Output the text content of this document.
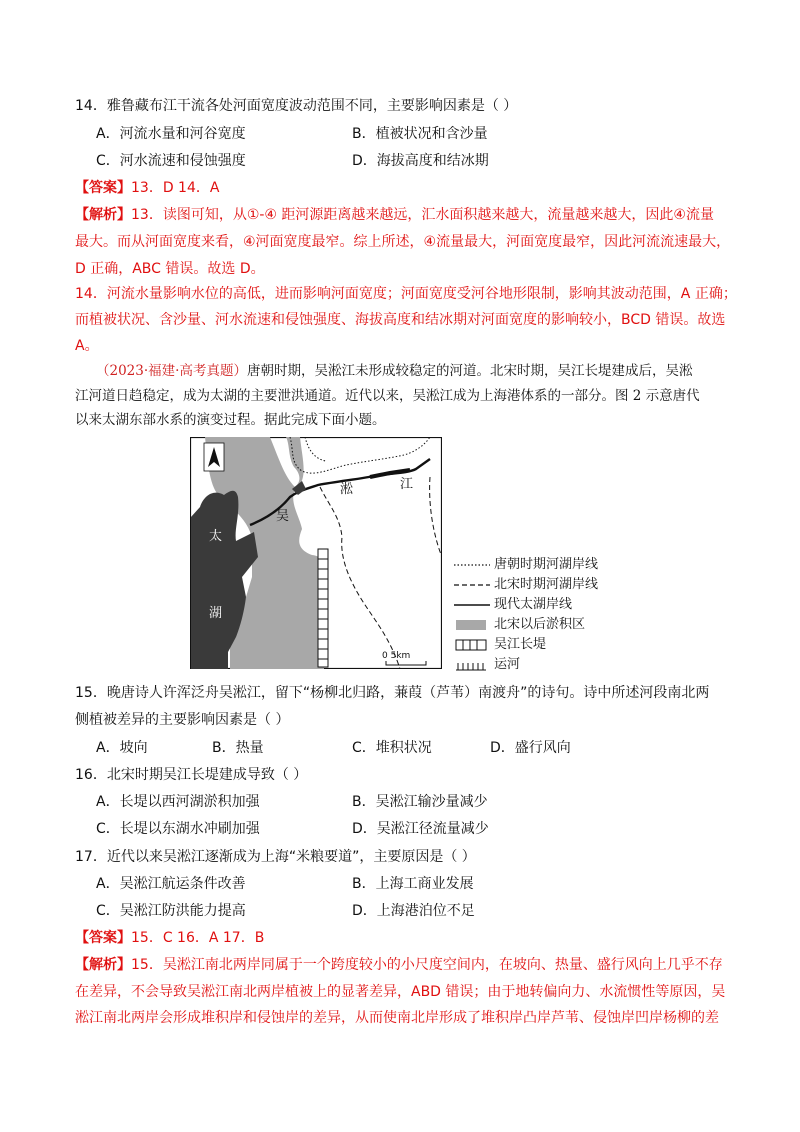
14．雅鲁藏布江干流各处河面宽度波动范围不同，主要影响因素是（ ）
A．河流水量和河谷宽度	B．植被状况和含沙量
C．河水流速和侵蚀强度	D．海拔高度和结冰期
【答案】13．D 14．A
【解析】13．读图可知，从①-④ 距河源距离越来越远，汇水面积越来越大，流量越来越大，因此④流量
最大。而从河面宽度来看，④河面宽度最窄。综上所述，④流量最大，河面宽度最窄，因此河流流速最大，
D 正确，ABC 错误。故选 D。
14．河流水量影响水位的高低，进而影响河面宽度；河面宽度受河谷地形限制，影响其波动范围，A 正确；
而植被状况、含沙量、河水流速和侵蚀强度、海拔高度和结冰期对河面宽度的影响较小，BCD 错误。故选
A。
（2023·福建·高考真题）唐朝时期，吴淞江未形成较稳定的河道。北宋时期，吴江长堤建成后，吴淞
江河道日趋稳定，成为太湖的主要泄洪通道。近代以来，吴淞江成为上海港体系的一部分。图 2 示意唐代
以来太湖东部水系的演变过程。据此完成下面小题。
0 5km
太
湖
吴
淞	江
唐朝时期河湖岸线
北宋时期河湖岸线
现代太湖岸线
北宋以后淤积区
吴江长堤
运河
15．晚唐诗人许浑泛舟吴淞江，留下“杨柳北归路，蒹葭（芦苇）南渡舟”的诗句。诗中所述河段南北两
侧植被差异的主要影响因素是（ ）
A．坡向	B．热量	C．堆积状况	D．盛行风向
16．北宋时期吴江长堤建成导致（ ）
A．长堤以西河湖淤积加强	B．吴淞江输沙量减少
C．长堤以东湖水冲刷加强	D．吴淞江径流量减少
17．近代以来吴淞江逐渐成为上海“米粮要道”，主要原因是（ ）
A．吴淞江航运条件改善	B．上海工商业发展
C．吴淞江防洪能力提高	D．上海港泊位不足
【答案】15．C 16．A 17．B
【解析】15．吴淞江南北两岸同属于一个跨度较小的小尺度空间内，在坡向、热量、盛行风向上几乎不存
在差异，不会导致吴淞江南北两岸植被上的显著差异，ABD 错误；由于地转偏向力、水流惯性等原因，吴
淞江南北两岸会形成堆积岸和侵蚀岸的差异，从而使南北岸形成了堆积岸凸岸芦苇、侵蚀岸凹岸杨柳的差
